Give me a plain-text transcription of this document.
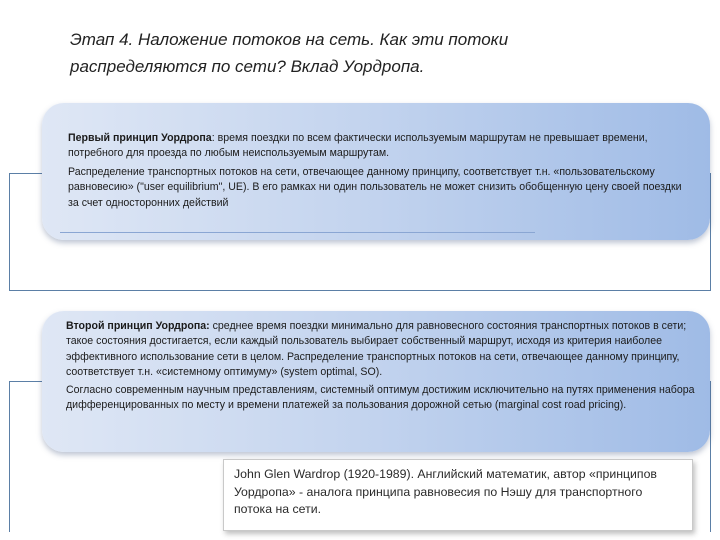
Этап 4. Наложение потоков на сеть. Как эти потоки
распределяются по сети? Вклад Уордропа.

Первый принцип Уордропа: время поездки по всем фактически используемым маршрутам не превышает времени, потребного для проезда по любым неиспользуемым маршрутам.

Распределение транспортных потоков на сети, отвечающее данному принципу, соответствует т.н. «пользовательскому равновесию» ("user equilibrium", UE). В его рамках ни один пользователь не может снизить обобщенную цену своей поездки за счет односторонних действий

Второй принцип Уордропа: среднее время поездки минимально для равновесного состояния транспортных потоков в сети; такое состояния достигается, если каждый пользователь выбирает собственный маршрут, исходя из критерия наиболее эффективного использование сети в целом. Распределение транспортных потоков на сети, отвечающее данному принципу, соответствует т.н. «системному оптимуму» (system optimal, SO).

Согласно современным научным представлениям, системный оптимум достижим исключительно на путях применения набора дифференцированных по месту и времени платежей за пользования дорожной сетью (marginal cost road pricing).

John Glen Wardrop (1920-1989). Английский математик, автор «принципов Уордропа» - аналога принципа равновесия по Нэшу для транспортного потока на сети.
